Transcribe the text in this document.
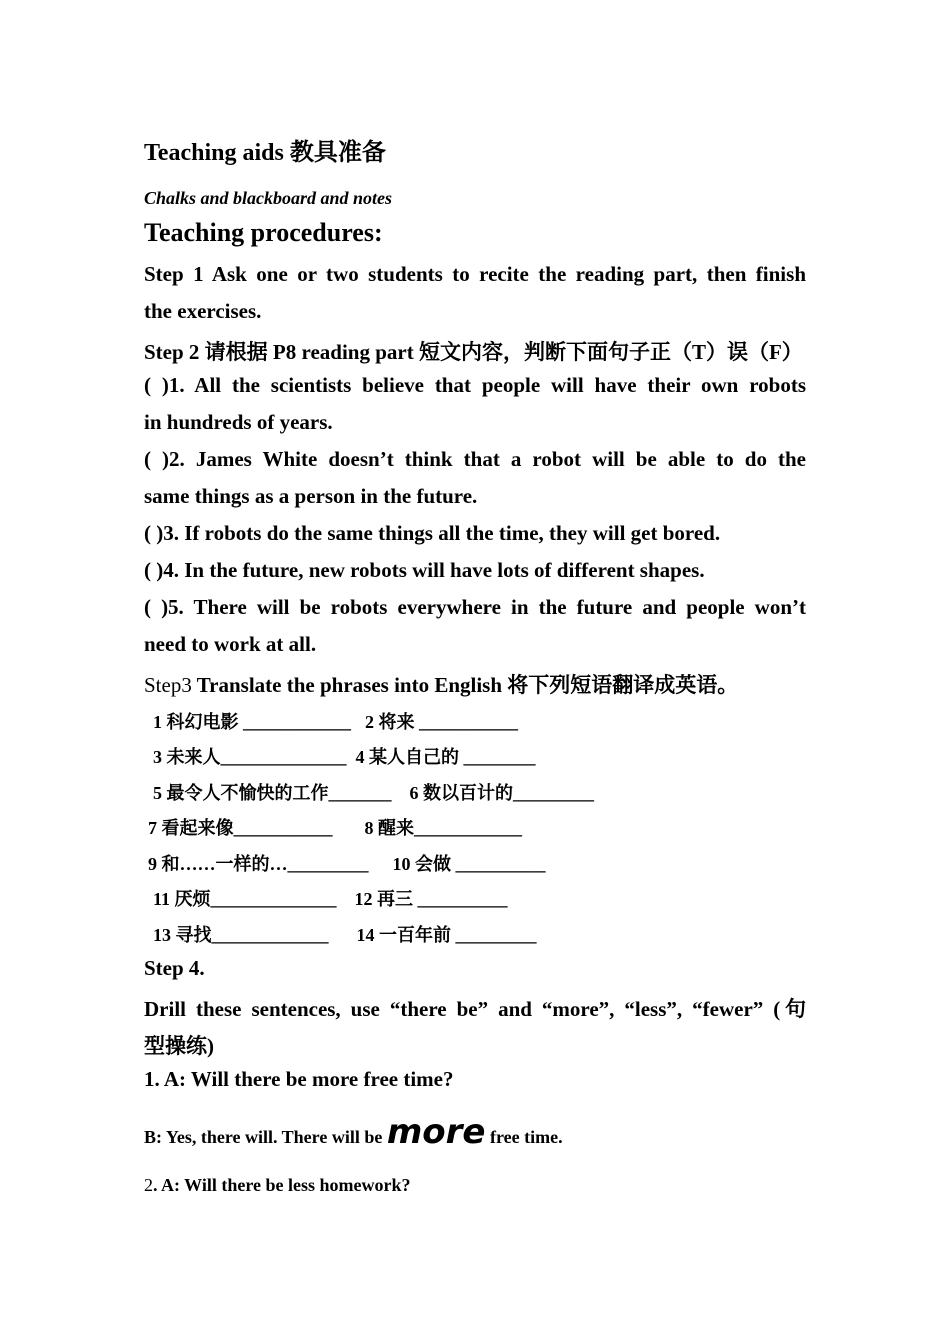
Teaching aids 教具准备
Chalks and blackboard and notes
Teaching procedures:
Step 1 Ask one or two students to recite the reading part, then finish
the exercises.
Step 2 请根据 P8 reading part 短文内容，判断下面句子正（T）误（F）
( )1. All the scientists believe that people will have their own robots
in hundreds of years.
( )2. James White doesn’t think that a robot will be able to do the
same things as a person in the future.
( )3. If robots do the same things all the time, they will get bored.
( )4. In the future, new robots will have lots of different shapes.
( )5. There will be robots everywhere in the future and people won’t
need to work at all.
Step3 Translate the phrases into English 将下列短语翻译成英语。
1 科幻电影 ____________ 2 将来 ___________
3 未来人______________ 4 某人自己的 ________
5 最令人不愉快的工作_______ 6 数以百计的_________
7 看起来像___________ 8 醒来____________
9 和……一样的…_________ 10 会做 __________
11 厌烦______________ 12 再三 __________
13 寻找_____________ 14 一百年前 _________
Step 4.
Drill these sentences, use “there be” and “more”, “less”, “fewer” (句
型操练)
1. A: Will there be more free time?
B: Yes, there will. There will be more free time.
2. A: Will there be less homework?
